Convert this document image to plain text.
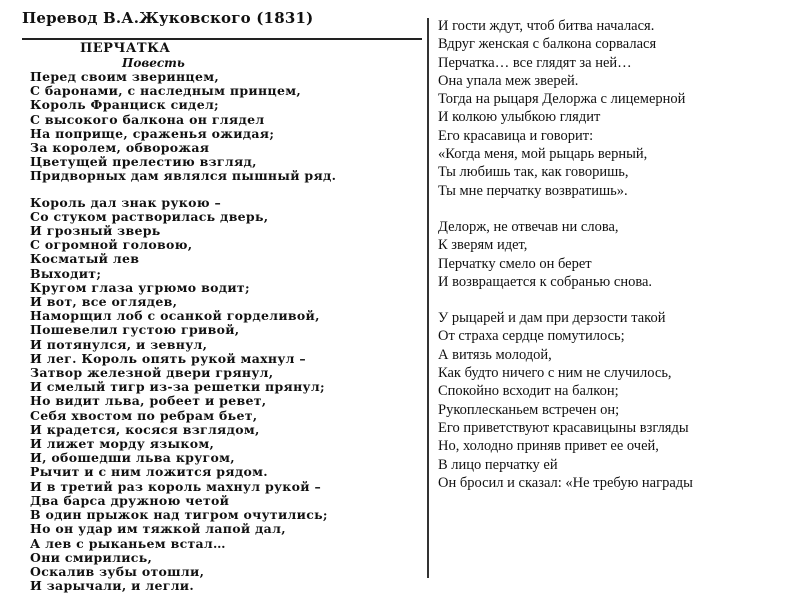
Перевод В.А.Жуковского (1831)
ПЕРЧАТКА
Повесть
Перед своим зверинцем,
С баронами, с наследным принцем,
Король Франциск сидел;
С высокого балкона он глядел
На поприще, сраженья ожидая;
За королем, обворожая
Цветущей прелестию взгляд,
Придворных дам являлся пышный ряд.
Король дал знак рукою –
Со стуком растворилась дверь,
И грозный зверь
С огромной головою,
Косматый лев
Выходит;
Кругом глаза угрюмо водит;
И вот, все оглядев,
Наморщил лоб с осанкой горделивой,
Пошевелил густою гривой,
И потянулся, и зевнул,
И лег. Король опять рукой махнул –
Затвор железной двери грянул,
И смелый тигр из-за решетки прянул;
Но видит льва, робеет и ревет,
Себя хвостом по ребрам бьет,
И крадется, косяся взглядом,
И лижет морду языком,
И, обошедши льва кругом,
Рычит и с ним ложится рядом.
И в третий раз король махнул рукой –
Два барса дружною четой
В один прыжок над тигром очутились;
Но он удар им тяжкой лапой дал,
А лев с рыканьем встал…
Они смирились,
Оскалив зубы отошли,
И зарычали, и легли.
И гости ждут, чтоб битва началася.
Вдруг женская с балкона сорвалася
Перчатка… все глядят за ней…
Она упала меж зверей.
Тогда на рыцаря Делоржа с лицемерной
И колкою улыбкою глядит
Его красавица и говорит:
«Когда меня, мой рыцарь верный,
Ты любишь так, как говоришь,
Ты мне перчатку возвратишь».
Делорж, не отвечав ни слова,
К зверям идет,
Перчатку смело он берет
И возвращается к собранью снова.
У рыцарей и дам при дерзости такой
От страха сердце помутилось;
А витязь молодой,
Как будто ничего с ним не случилось,
Спокойно всходит на балкон;
Рукоплесканьем встречен он;
Его приветствуют красавицыны взгляды
Но, холодно приняв привет ее очей,
В лицо перчатку ей
Он бросил и сказал: «Не требую награды
